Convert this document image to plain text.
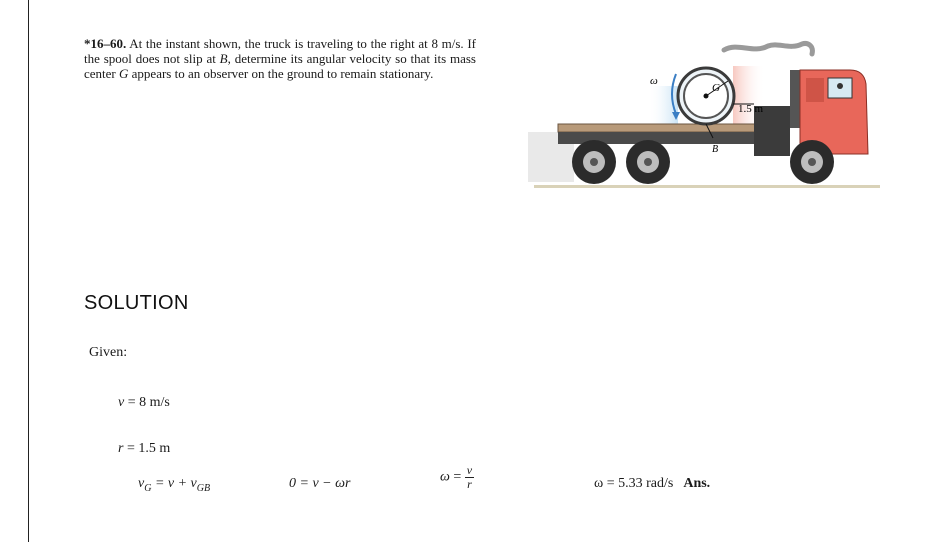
*16–60. At the instant shown, the truck is traveling to the right at 8 m/s. If the spool does not slip at B, determine its angular velocity so that its mass center G appears to an observer on the ground to remain stationary.	ω
G
1.5 m
B
SOLUTION
Given:
v = 8 m/s
r = 1.5 m
$v_G = v + v_{GB}$	0 = v − ωr	$\omega = \frac{v}{r}$	ω = 5.33 rad/s Ans.
